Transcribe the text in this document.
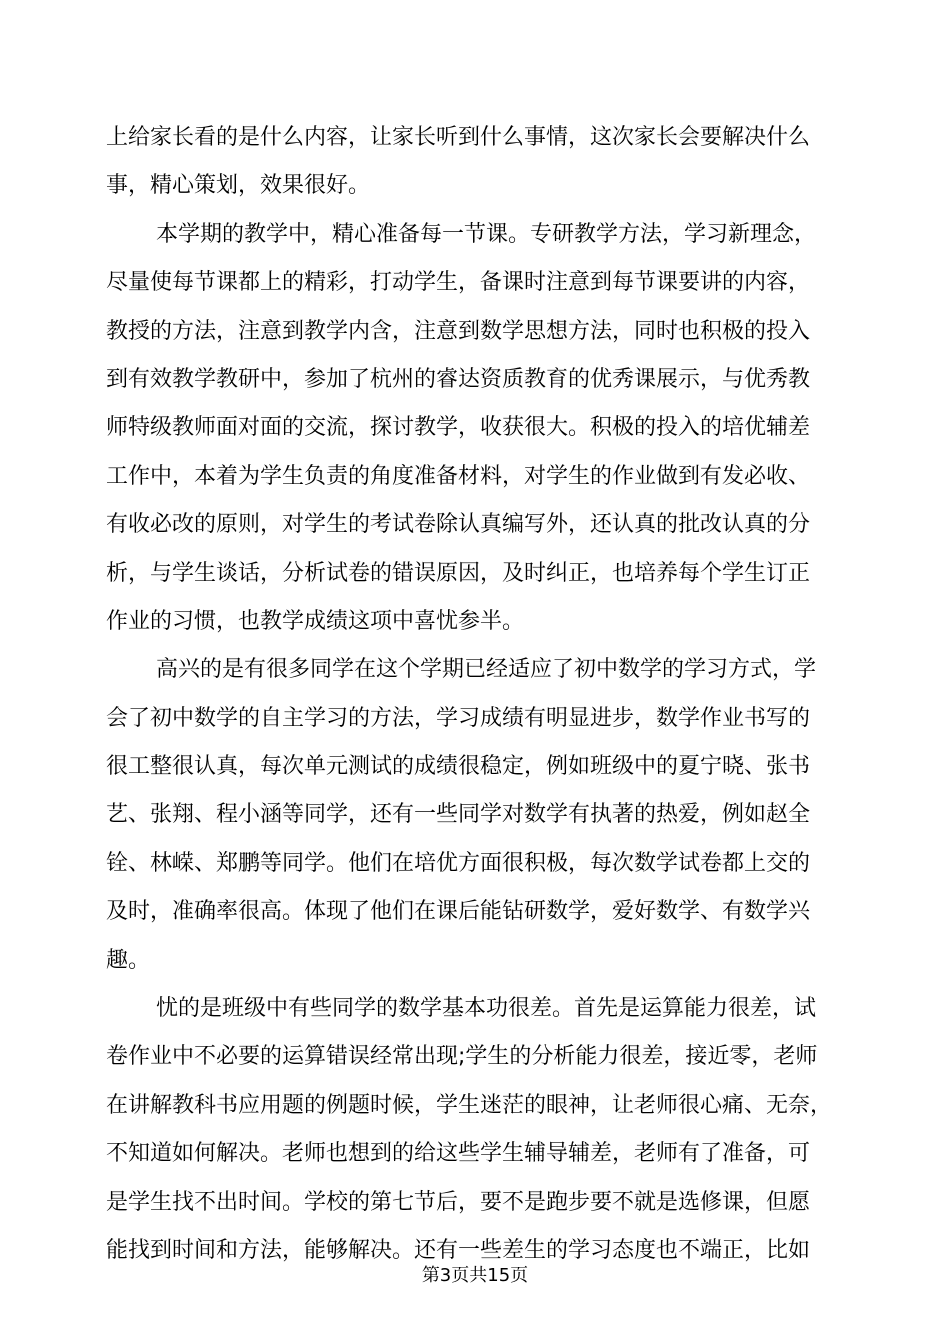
上给家长看的是什么内容，让家长听到什么事情，这次家长会要解决什么
事，精心策划，效果很好。
本学期的教学中，精心准备每一节课。专研教学方法，学习新理念，
尽量使每节课都上的精彩，打动学生，备课时注意到每节课要讲的内容，
教授的方法，注意到教学内含，注意到数学思想方法，同时也积极的投入
到有效教学教研中，参加了杭州的睿达资质教育的优秀课展示，与优秀教
师特级教师面对面的交流，探讨教学，收获很大。积极的投入的培优辅差
工作中，本着为学生负责的角度准备材料，对学生的作业做到有发必收、
有收必改的原则，对学生的考试卷除认真编写外，还认真的批改认真的分
析，与学生谈话，分析试卷的错误原因，及时纠正，也培养每个学生订正
作业的习惯，也教学成绩这项中喜忧参半。
高兴的是有很多同学在这个学期已经适应了初中数学的学习方式，学
会了初中数学的自主学习的方法，学习成绩有明显进步，数学作业书写的
很工整很认真，每次单元测试的成绩很稳定，例如班级中的夏宁晓、张书
艺、张翔、程小涵等同学，还有一些同学对数学有执著的热爱，例如赵全
铨、林嵘、郑鹏等同学。他们在培优方面很积极，每次数学试卷都上交的
及时，准确率很高。体现了他们在课后能钻研数学，爱好数学、有数学兴
趣。
忧的是班级中有些同学的数学基本功很差。首先是运算能力很差，试
卷作业中不必要的运算错误经常出现;学生的分析能力很差，接近零，老师
在讲解教科书应用题的例题时候，学生迷茫的眼神，让老师很心痛、无奈，
不知道如何解决。老师也想到的给这些学生辅导辅差，老师有了准备，可
是学生找不出时间。学校的第七节后，要不是跑步要不就是选修课，但愿
能找到时间和方法，能够解决。还有一些差生的学习态度也不端正，比如
第3页共15页
